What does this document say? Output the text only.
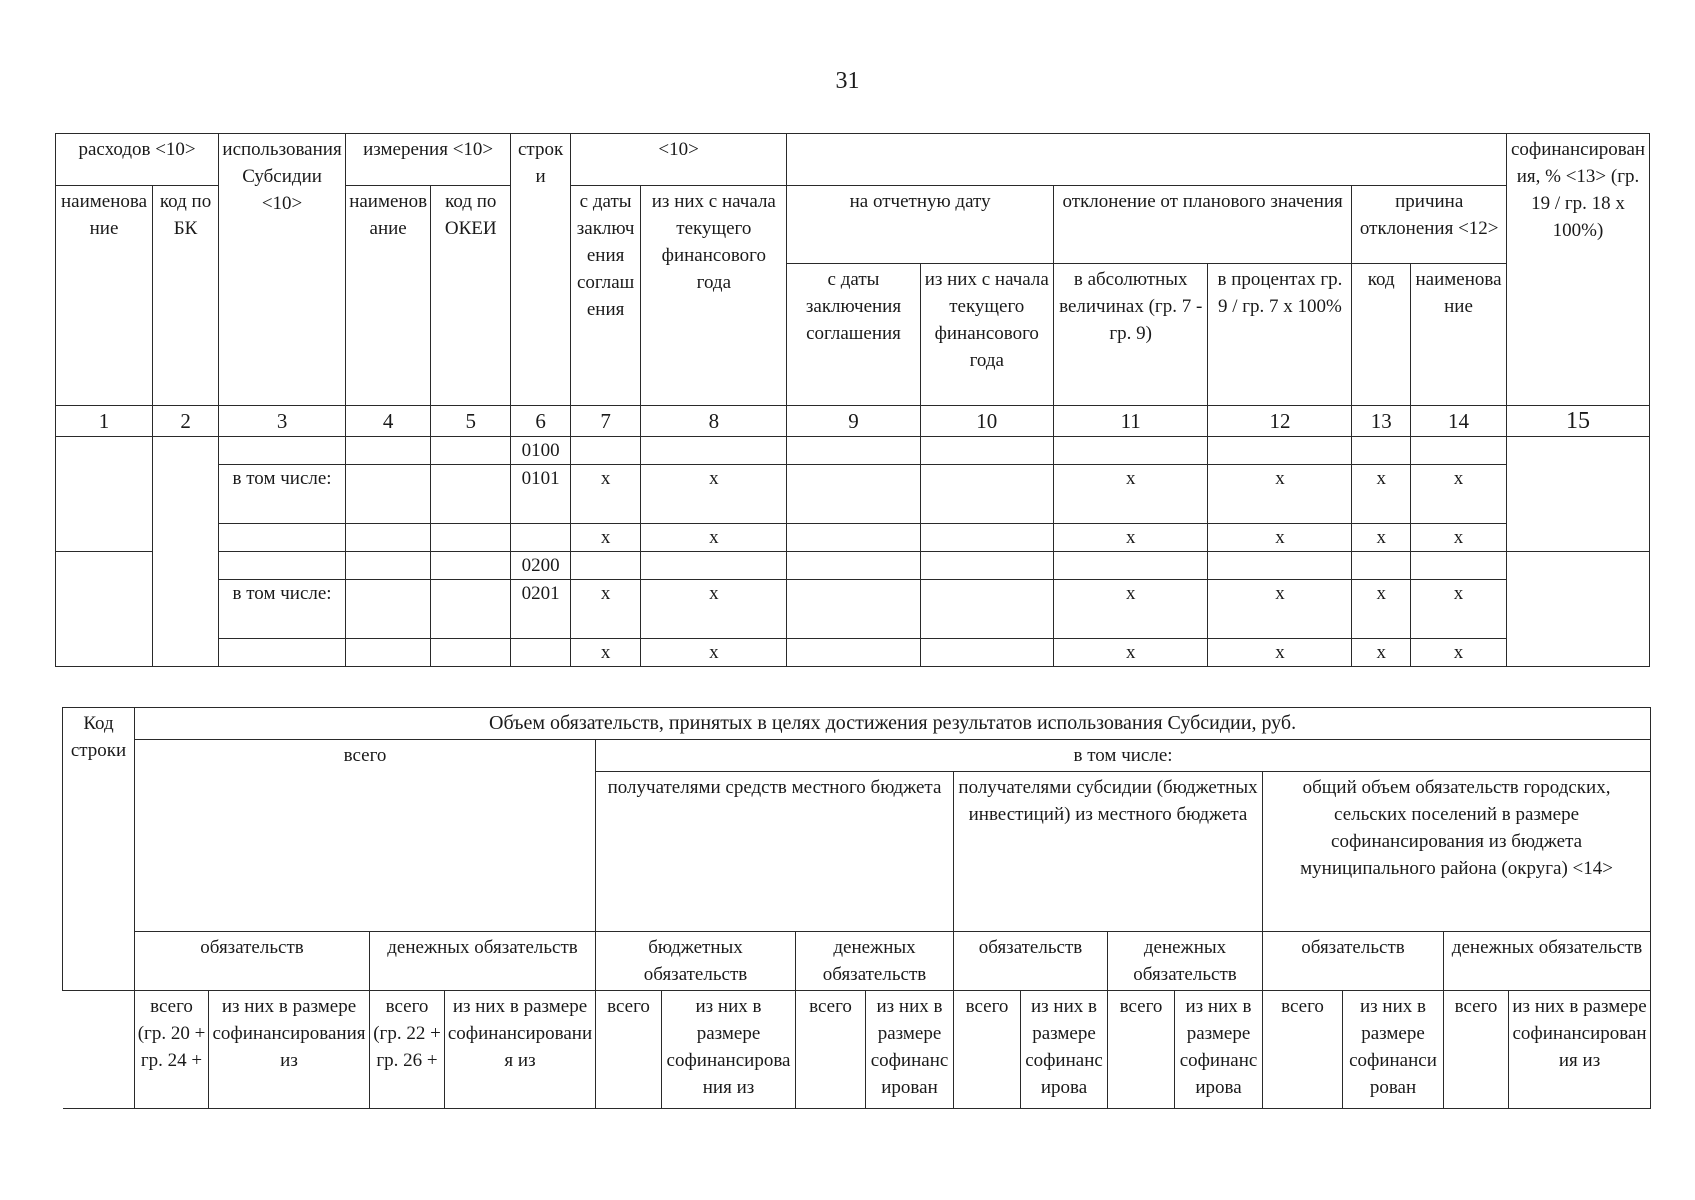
31
расходов <10>		использования Субсидии <10>	измерения <10>		строки	<10>								софинансирования, % <13> (гр. 19 / гр. 18 x 100%)
наименование	код по БК		наименование	код по ОКЕИ		с даты заключения соглашения	из них с начала текущего финансового года	на отчетную дату		отклонение от планового значения		причина отклонения <12>		
								с даты заключения соглашения	из них с начала текущего финансового года	в абсолютных величинах (гр. 7 - гр. 9)	в процентах гр. 9 / гр. 7 x 100%	код	наименование	
1	2	3	4	5	6	7	8	9	10	11	12	13	14	15
					0100									
		в том числе:			0101	x	x			x	x	x	x	
						x	x			x	x	x	x	
					0200									
		в том числе:			0201	x	x			x	x	x	x	
						x	x			x	x	x	x	
Код строки	Объем обязательств, принятых в целях достижения результатов использования Субсидии, руб.															
	всего				в том числе:											
					получателями средств местного бюджета				получателями субсидии (бюджетных инвестиций) из местного бюджета				общий объем обязательств городских, сельских поселений в размере софинансирования из бюджета муниципального района (округа) <14>			
	обязательств		денежных обязательств		бюджетных обязательств		денежных обязательств		обязательств		денежных обязательств		обязательств		денежных обязательств	
	всего (гр. 20 + гр. 24 +	из них в размере софинансирования из	всего (гр. 22 + гр. 26 +	из них в размере софинансирования из	всего	из них в размере софинансирования из	всего	из них в размере софинансирован	всего	из них в размере софинансирова	всего	из них в размере софинансирова	всего	из них в размере софинансирован	всего	из них в размере софинансирования из
